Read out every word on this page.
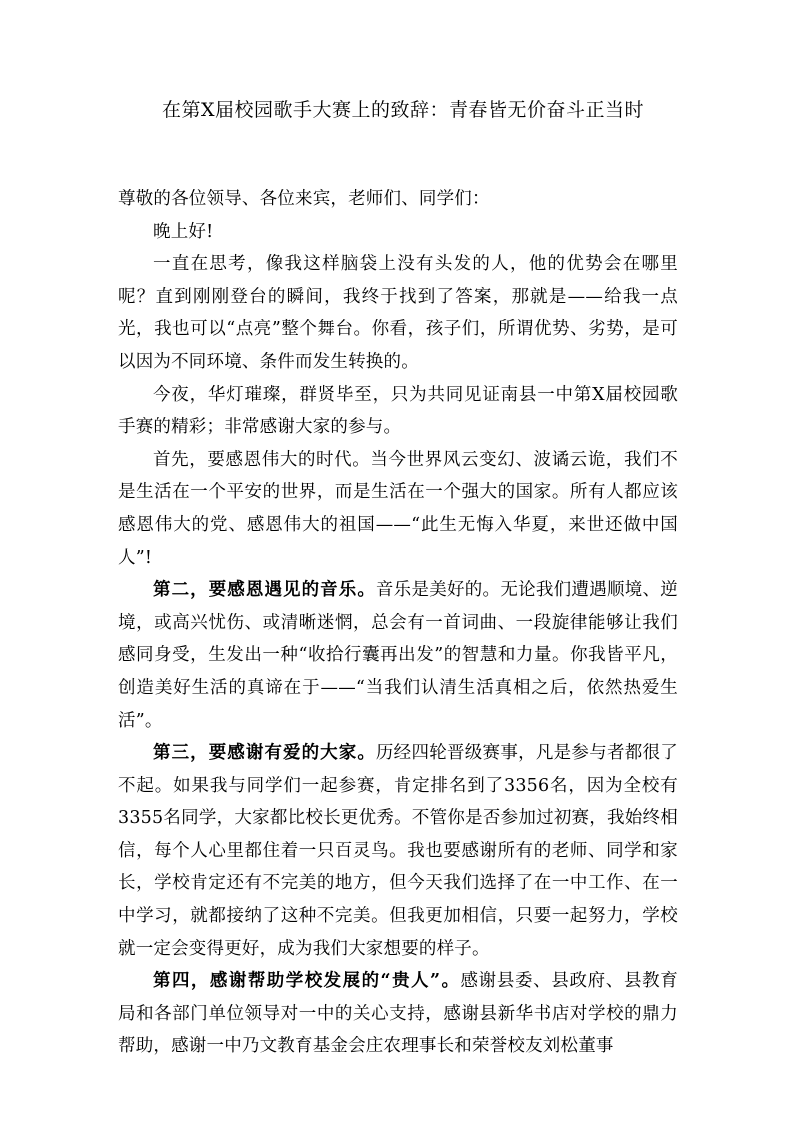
在第X届校园歌手大赛上的致辞：青春皆无价奋斗正当时

尊敬的各位领导、各位来宾，老师们、同学们：

晚上好!

一直在思考，像我这样脑袋上没有头发的人，他的优势会在哪里呢？直到刚刚登台的瞬间，我终于找到了答案，那就是——给我一点光，我也可以“点亮”整个舞台。你看，孩子们，所谓优势、劣势，是可以因为不同环境、条件而发生转换的。

今夜，华灯璀璨，群贤毕至，只为共同见证南县一中第X届校园歌手赛的精彩；非常感谢大家的参与。

首先，要感恩伟大的时代。当今世界风云变幻、波谲云诡，我们不是生活在一个平安的世界，而是生活在一个强大的国家。所有人都应该感恩伟大的党、感恩伟大的祖国——“此生无悔入华夏，来世还做中国人”!

第二，要感恩遇见的音乐。音乐是美好的。无论我们遭遇顺境、逆境，或高兴忧伤、或清晰迷惘，总会有一首词曲、一段旋律能够让我们感同身受，生发出一种“收拾行囊再出发”的智慧和力量。你我皆平凡，创造美好生活的真谛在于——“当我们认清生活真相之后，依然热爱生活”。

第三，要感谢有爱的大家。历经四轮晋级赛事，凡是参与者都很了不起。如果我与同学们一起参赛，肯定排名到了3356名，因为全校有3355名同学，大家都比校长更优秀。不管你是否参加过初赛，我始终相信，每个人心里都住着一只百灵鸟。我也要感谢所有的老师、同学和家长，学校肯定还有不完美的地方，但今天我们选择了在一中工作、在一中学习，就都接纳了这种不完美。但我更加相信，只要一起努力，学校就一定会变得更好，成为我们大家想要的样子。

第四，感谢帮助学校发展的“贵人”。感谢县委、县政府、县教育局和各部门单位领导对一中的关心支持，感谢县新华书店对学校的鼎力帮助，感谢一中乃文教育基金会庄农理事长和荣誉校友刘松董事
